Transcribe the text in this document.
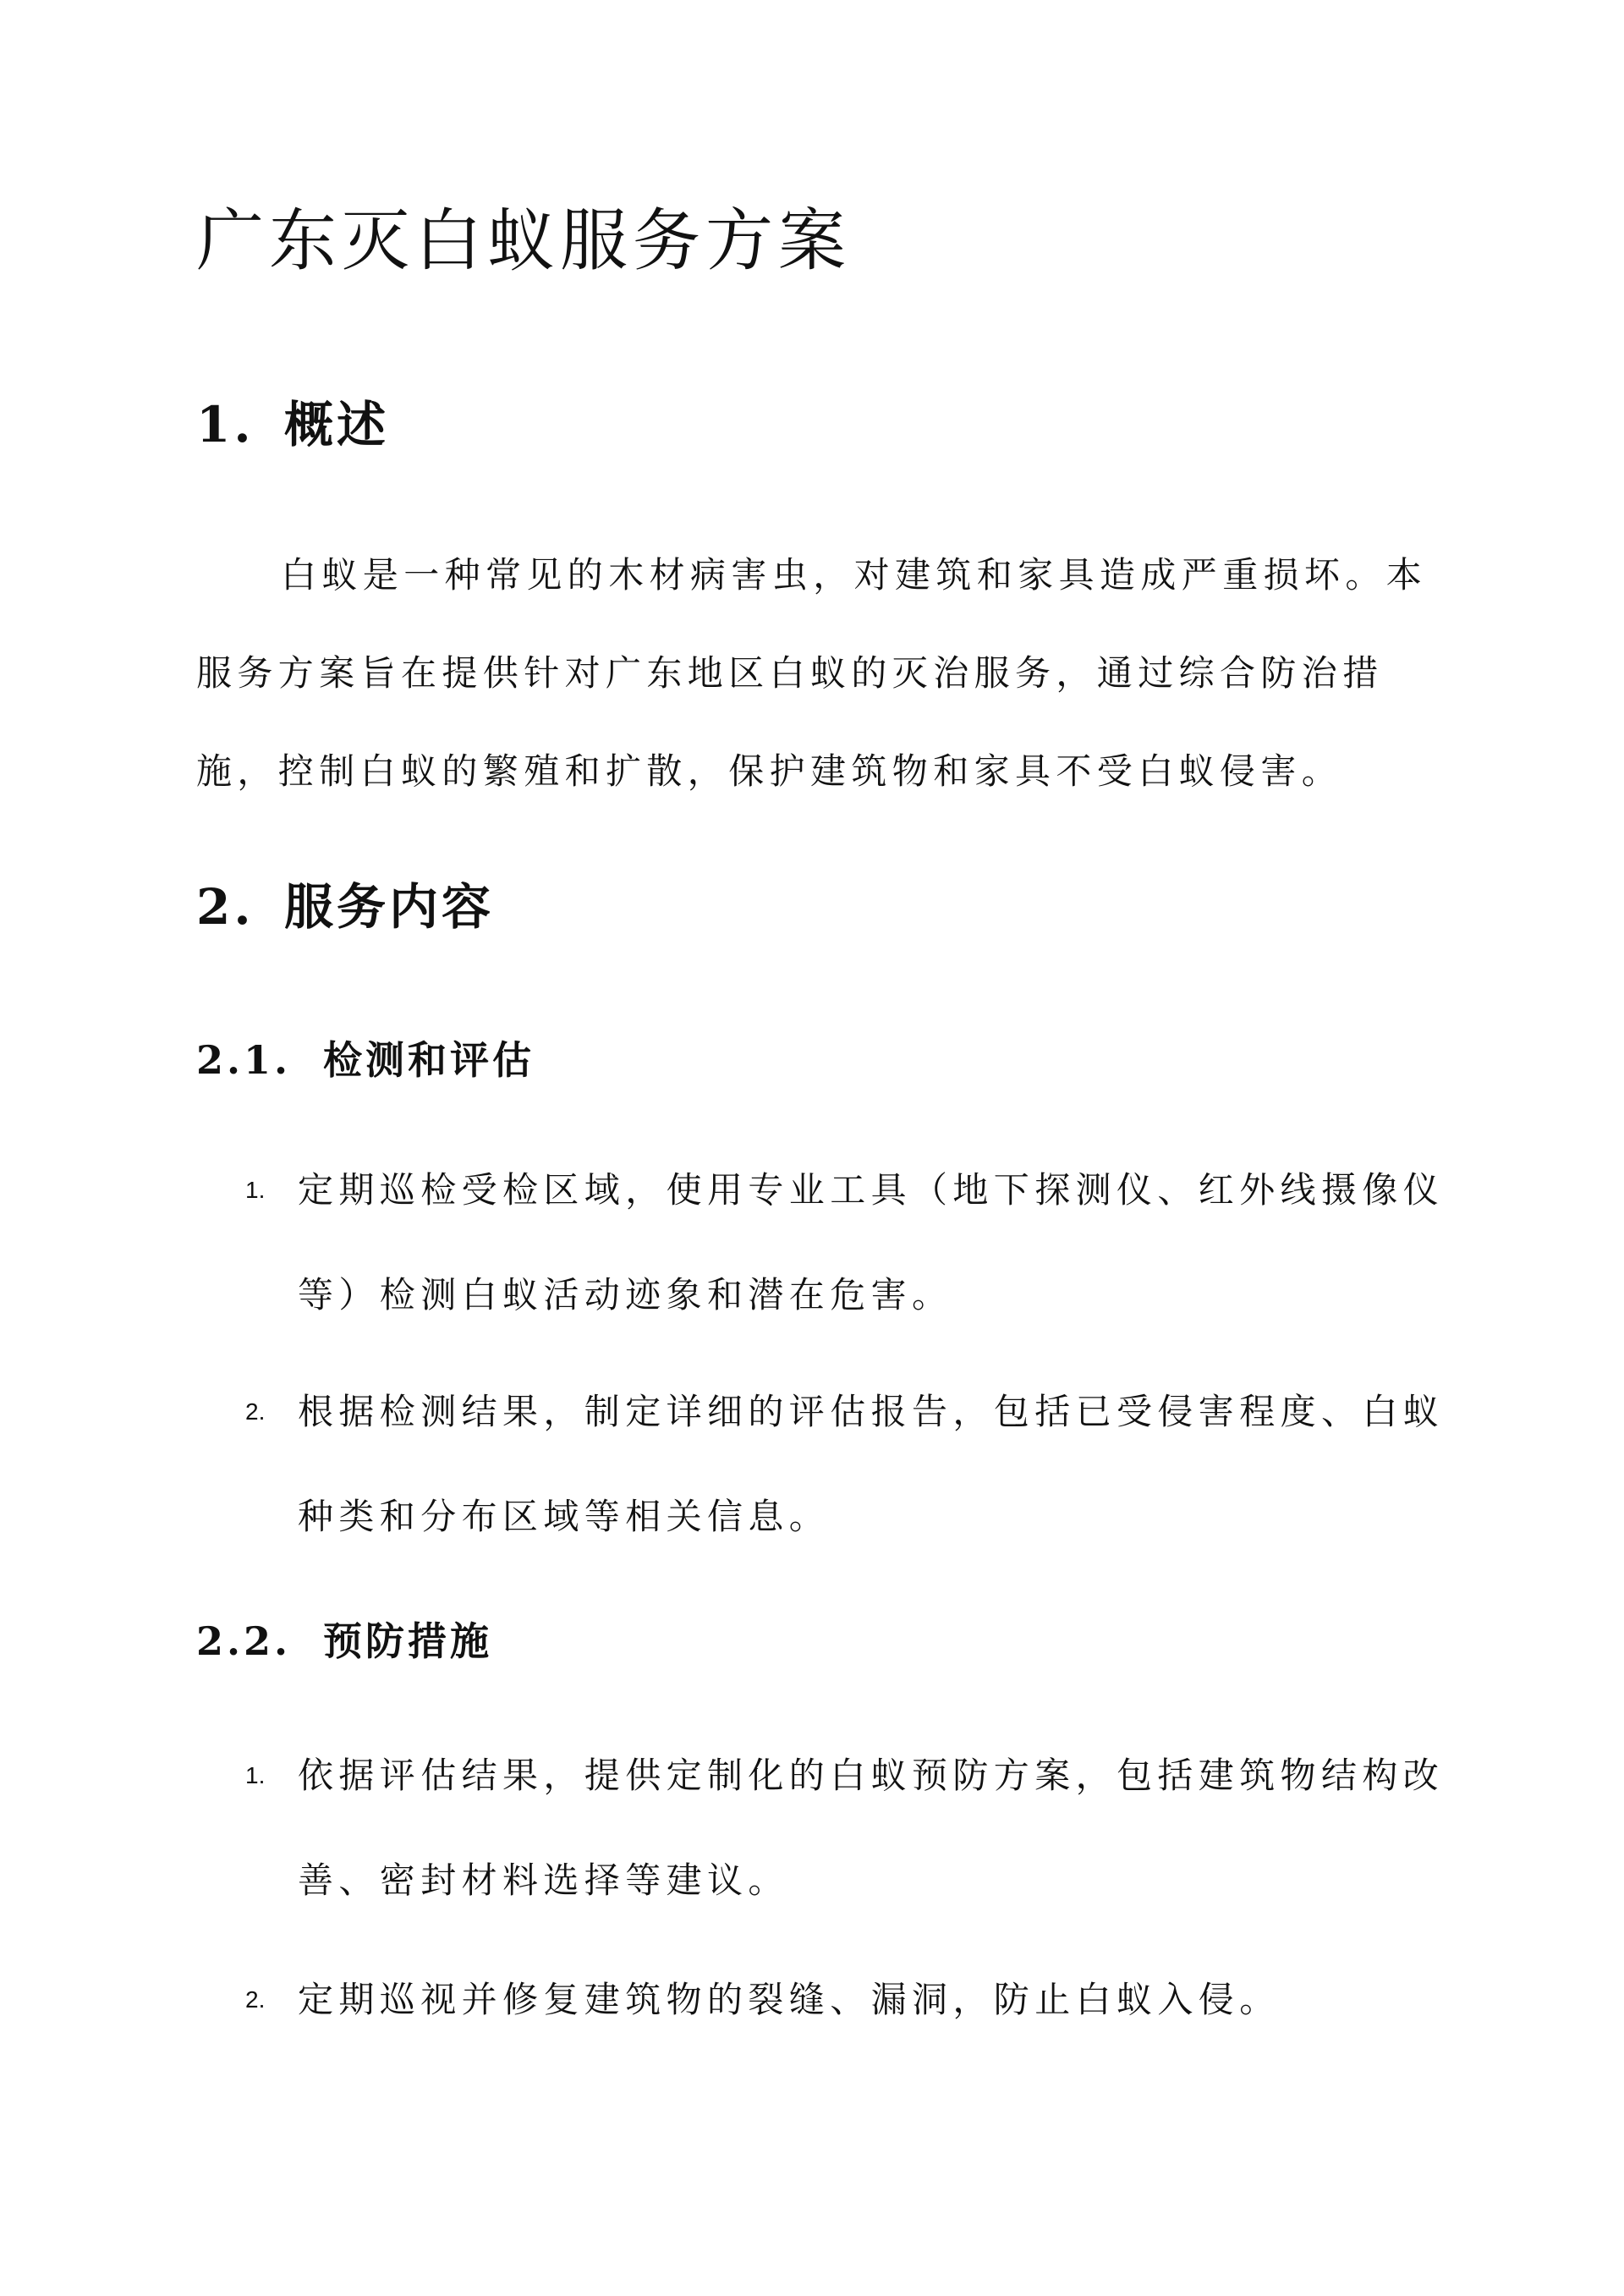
广东灭白蚁服务方案
1. 概述

白蚁是一种常见的木材病害虫，对建筑和家具造成严重损坏。本服务方案旨在提供针对广东地区白蚁的灭治服务，通过综合防治措施，控制白蚁的繁殖和扩散，保护建筑物和家具不受白蚁侵害。

2. 服务内容
2.1. 检测和评估
1. 定期巡检受检区域，使用专业工具（地下探测仪、红外线摄像仪等）检测白蚁活动迹象和潜在危害。

2. 根据检测结果，制定详细的评估报告，包括已受侵害程度、白蚁种类和分布区域等相关信息。

2.2. 预防措施
1. 依据评估结果，提供定制化的白蚁预防方案，包括建筑物结构改善、密封材料选择等建议。

2. 定期巡视并修复建筑物的裂缝、漏洞，防止白蚁入侵。
